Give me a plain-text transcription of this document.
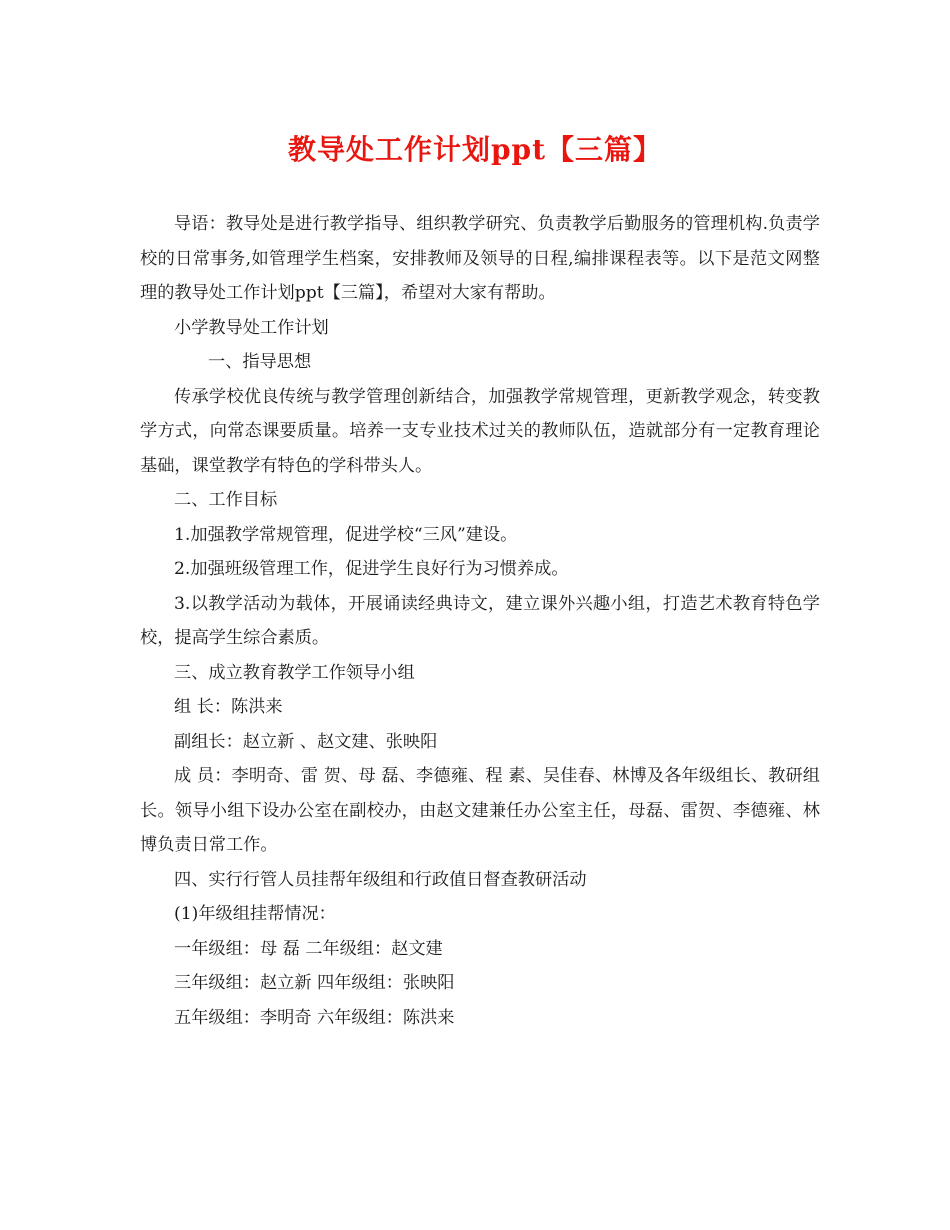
教导处工作计划ppt【三篇】

导语：教导处是进行教学指导、组织教学研究、负责教学后勤服务的管理机构.负责学校的日常事务,如管理学生档案，安排教师及领导的日程,编排课程表等。以下是范文网整理的教导处工作计划ppt【三篇】，希望对大家有帮助。

小学教导处工作计划

一、指导思想

传承学校优良传统与教学管理创新结合，加强教学常规管理，更新教学观念，转变教学方式，向常态课要质量。培养一支专业技术过关的教师队伍，造就部分有一定教育理论基础，课堂教学有特色的学科带头人。

二、工作目标

1.加强教学常规管理，促进学校“三风”建设。

2.加强班级管理工作，促进学生良好行为习惯养成。

3.以教学活动为载体，开展诵读经典诗文，建立课外兴趣小组，打造艺术教育特色学校，提高学生综合素质。

三、成立教育教学工作领导小组

组 长：陈洪来

副组长：赵立新 、赵文建、张映阳

成 员：李明奇、雷 贺、母 磊、李德雍、程 素、吴佳春、林博及各年级组长、教研组长。领导小组下设办公室在副校办，由赵文建兼任办公室主任，母磊、雷贺、李德雍、林博负责日常工作。

四、实行行管人员挂帮年级组和行政值日督查教研活动

(1)年级组挂帮情况：

一年级组：母 磊 二年级组：赵文建

三年级组：赵立新 四年级组：张映阳

五年级组：李明奇 六年级组：陈洪来
